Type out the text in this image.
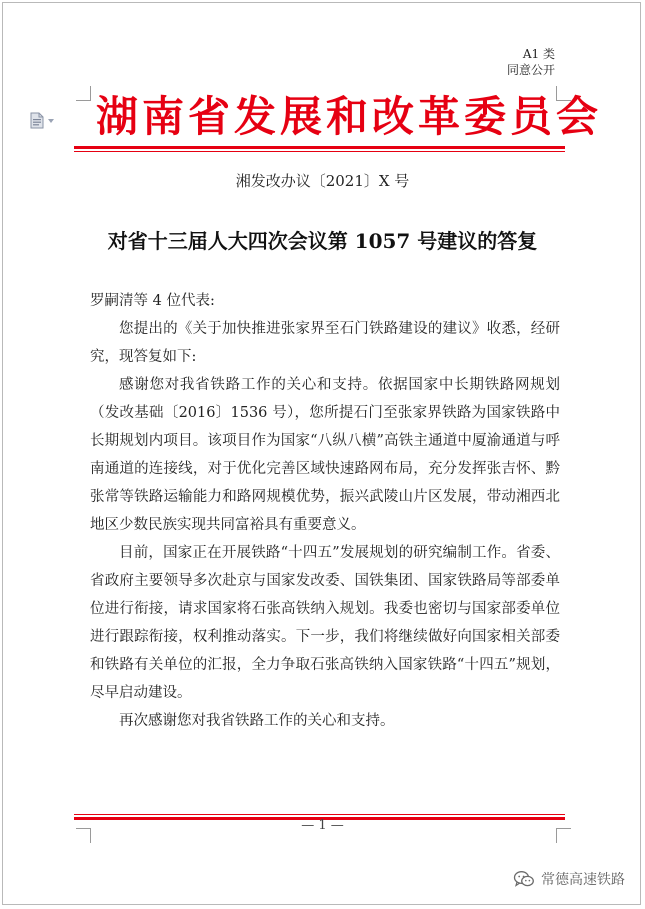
A1 类
同意公开
湖南省发展和改革委员会
湘发改办议〔2021〕X 号
对省十三届人大四次会议第 1057 号建议的答复

罗嗣清等 4 位代表:

您提出的《关于加快推进张家界至石门铁路建设的建议》收悉，经研究，现答复如下:

感谢您对我省铁路工作的关心和支持。依据国家中长期铁路网规划（发改基础〔2016〕1536 号），您所提石门至张家界铁路为国家铁路中长期规划内项目。该项目作为国家“八纵八横”高铁主通道中厦渝通道与呼南通道的连接线，对于优化完善区域快速路网布局，充分发挥张吉怀、黔张常等铁路运输能力和路网规模优势，振兴武陵山片区发展，带动湘西北地区少数民族实现共同富裕具有重要意义。

目前，国家正在开展铁路“十四五”发展规划的研究编制工作。省委、省政府主要领导多次赴京与国家发改委、国铁集团、国家铁路局等部委单位进行衔接，请求国家将石张高铁纳入规划。我委也密切与国家部委单位进行跟踪衔接，权利推动落实。下一步，我们将继续做好向国家相关部委和铁路有关单位的汇报，全力争取石张高铁纳入国家铁路“十四五”规划，尽早启动建设。

再次感谢您对我省铁路工作的关心和支持。

— 1 —
常德高速铁路
